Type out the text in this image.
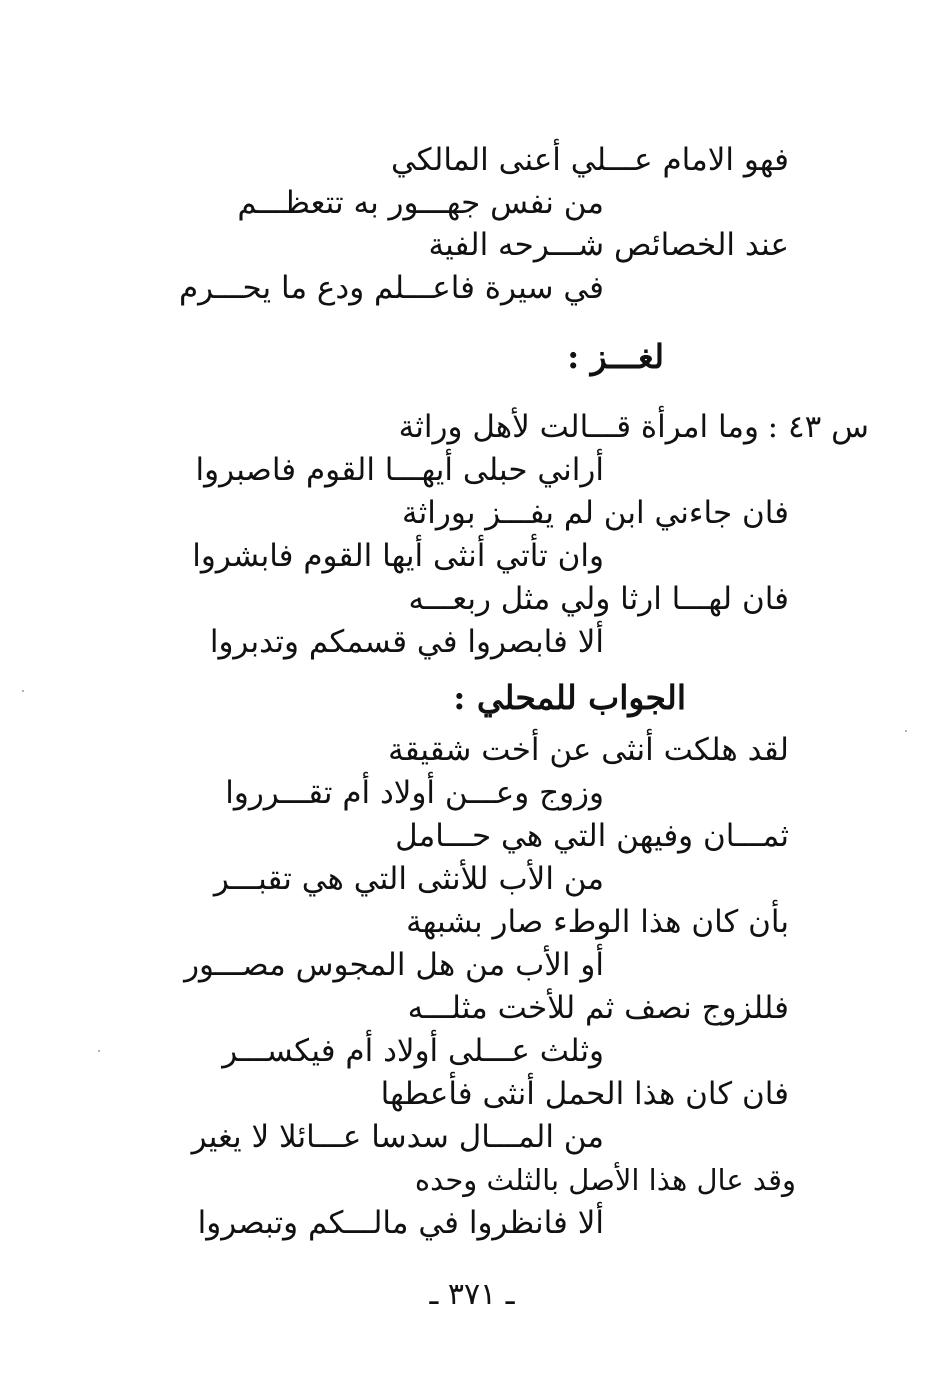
فهو الامام عـــلي أعنى المالكي
من نفس جهـــور به تتعظـــم
عند الخصائص شـــرحه الفية
في سيرة فاعـــلم ودع ما يحـــرم
لغـــز :
س ٤٣ :
وما امرأة قـــالت لأهل وراثة
أراني حبلى أيهـــا القوم فاصبروا
فان جاءني ابن لم يفـــز بوراثة
وان تأتي أنثى أيها القوم فابشروا
فان لهـــا ارثا ولي مثل ربعـــه
ألا فابصروا في قسمكم وتدبروا
الجواب للمحلي :
لقد هلكت أنثى عن أخت شقيقة
وزوج وعـــن أولاد أم تقـــرروا
ثمـــان وفيهن التي هي حـــامل
من الأب للأنثى التي هي تقبـــر
بأن كان هذا الوطء صار بشبهة
أو الأب من هل المجوس مصـــور
فللزوج نصف ثم للأخت مثلـــه
وثلث عـــلى أولاد أم فيكســـر
فان كان هذا الحمل أنثى فأعطها
من المـــال سدسا عـــائلا لا يغير
وقد عال هذا الأصل بالثلث وحده
ألا فانظروا في مالـــكم وتبصروا
ـ ٣٧١ ـ
